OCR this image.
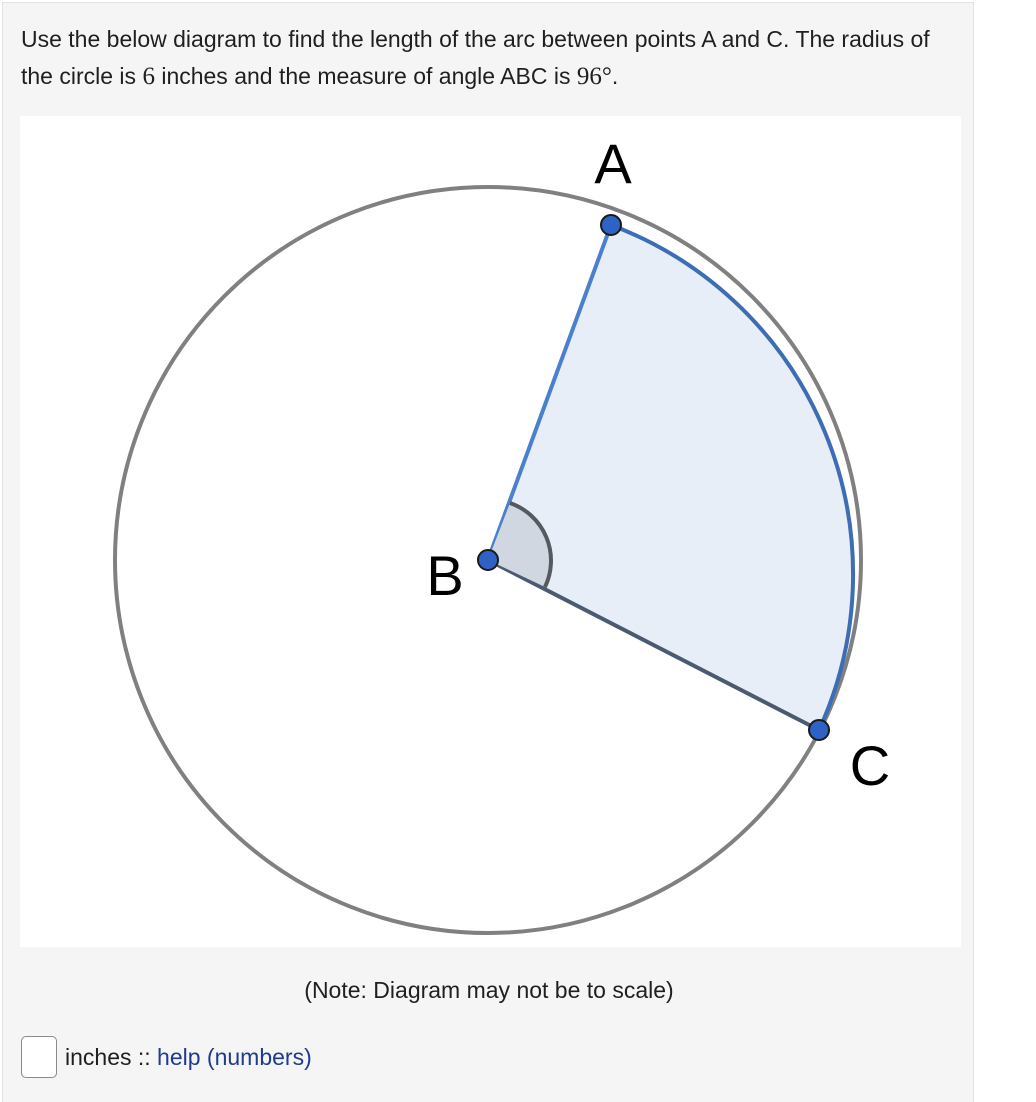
Use the below diagram to find the length of the arc between points A and C. The radius of the circle is 6 inches and the measure of angle ABC is 96°.
A
B
C
(Note: Diagram may not be to scale)
inches :: help (numbers)
